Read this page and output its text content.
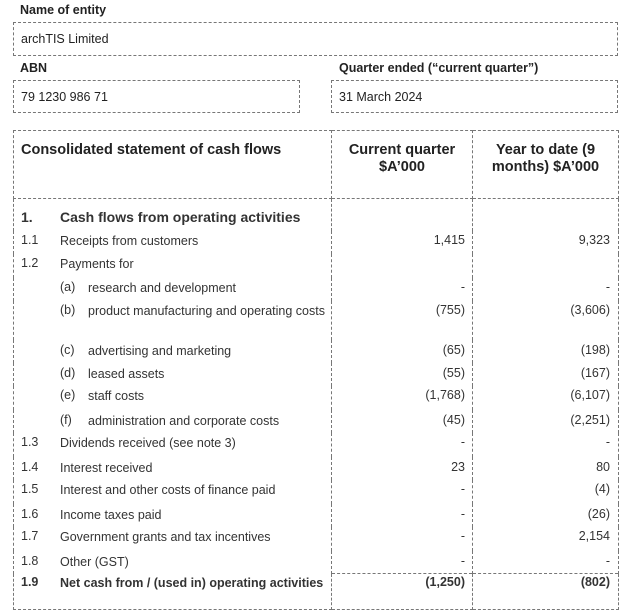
Name of entity
archTIS Limited
ABN
79 1230 986 71
Quarter ended (“current quarter”)
31 March 2024
Consolidated statement of cash flows	Current quarter $A’000	Year to date (9 months) $A’000

1. Cash flows from operating activities		

1.1 Receipts from customers	1,415	9,323

1.2 Payments for		

(a) research and development	-	-

(b) product manufacturing and operating costs	(755)	(3,606)

(c) advertising and marketing	(65)	(198)

(d) leased assets	(55)	(167)

(e) staff costs	(1,768)	(6,107)

(f) administration and corporate costs	(45)	(2,251)

1.3 Dividends received (see note 3)	-	-

1.4 Interest received	23	80

1.5 Interest and other costs of finance paid	-	(4)

1.6 Income taxes paid	-	(26)

1.7 Government grants and tax incentives	-	2,154

1.8 Other (GST)	-	-

1.9 Net cash from / (used in) operating activities	(1,250)	(802)
